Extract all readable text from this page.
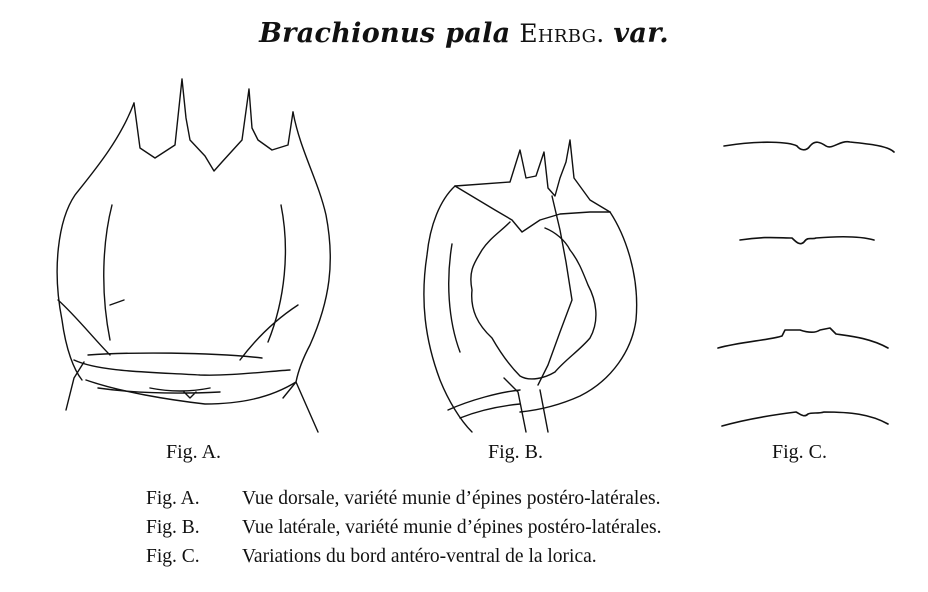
Brachionus pala Ehrbg. var.
Fig. A.	Fig. B.	Fig. C.
Fig. A. Vue dorsale, variété munie d’épines postéro-latérales.
Fig. B. Vue latérale, variété munie d’épines postéro-latérales.
Fig. C. Variations du bord antéro-ventral de la lorica.
